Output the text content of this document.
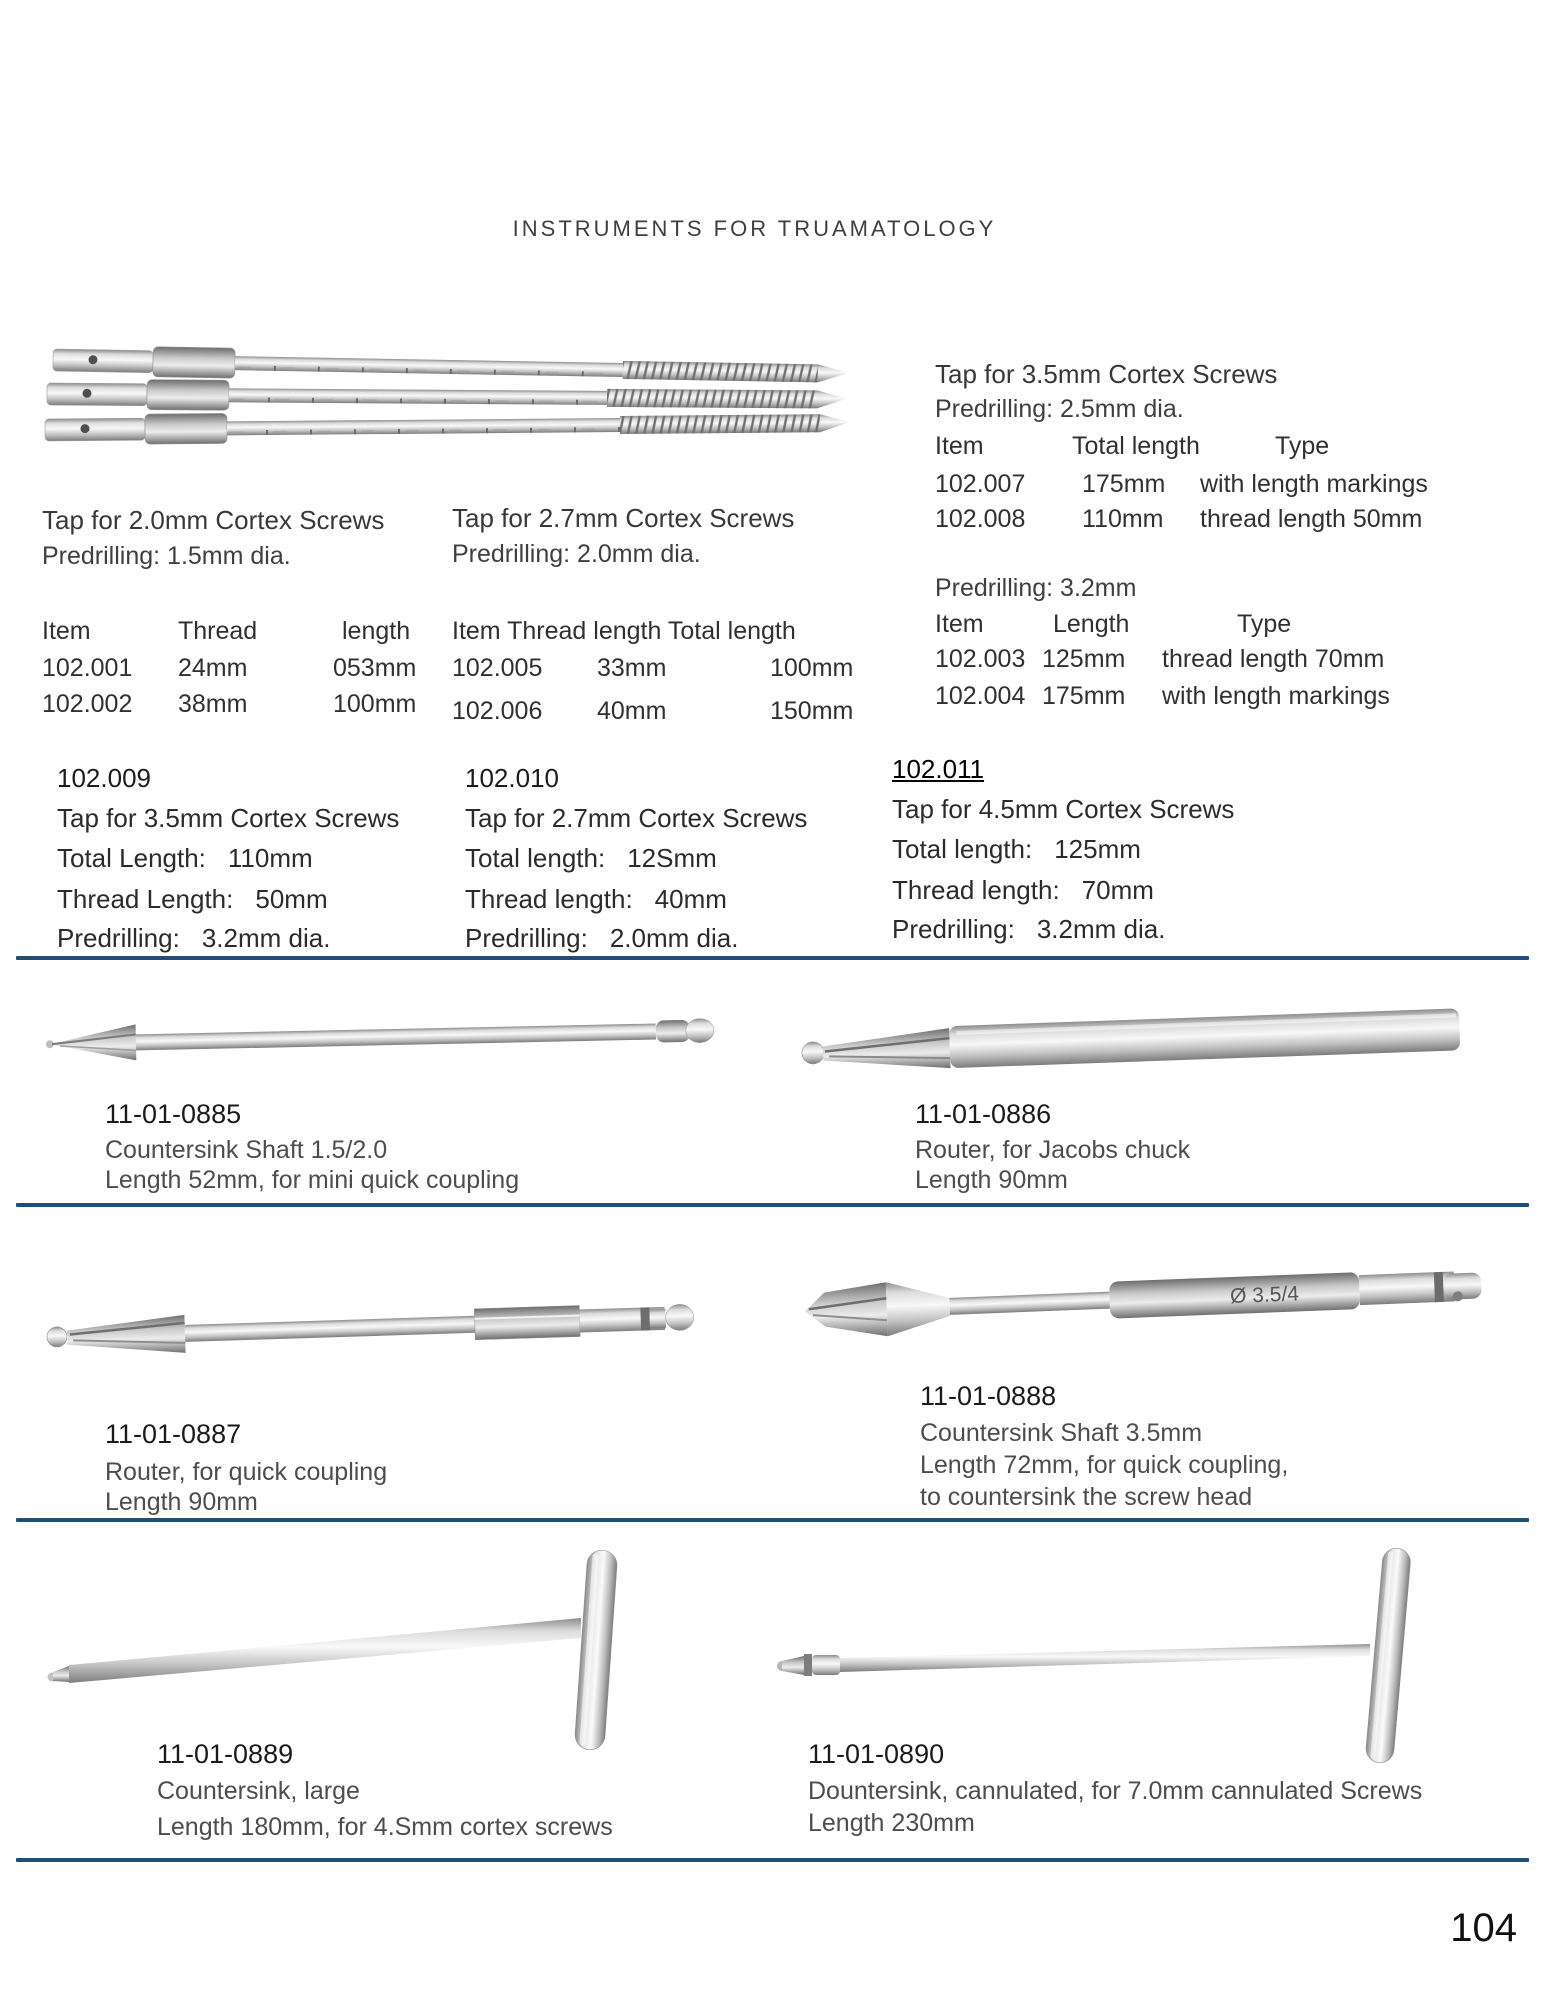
INSTRUMENTS FOR TRUAMATOLOGY
Tap for 2.0mm Cortex Screws
Predrilling: 1.5mm dia.
Item	Thread	length
102.001 24mm	053mm
102.002 38mm	100mm
Tap for 2.7mm Cortex Screws
Predrilling: 2.0mm dia.
Item Thread length Total length
102.005 33mm	100mm
102.006 40mm	150mm
Tap for 3.5mm Cortex Screws
Predrilling: 2.5mm dia.
Item	Total length	Type
102.007 175mm with length markings
102.008 110mm thread length 50mm
Predrilling: 3.2mm
Item	Length	Type
102.003 125mm thread length 70mm
102.004 175mm with length markings
102.009
Tap for 3.5mm Cortex Screws
Total Length: 110mm
Thread Length: 50mm
Predrilling: 3.2mm dia.
102.010
Tap for 2.7mm Cortex Screws
Total length: 12Smm
Thread length: 40mm
Predrilling: 2.0mm dia.
102.011
Tap for 4.5mm Cortex Screws
Total length: 125mm
Thread length: 70mm
Predrilling: 3.2mm dia.
11-01-0885
Countersink Shaft 1.5/2.0
Length 52mm, for mini quick coupling
11-01-0886
Router, for Jacobs chuck
Length 90mm
11-01-0887
Router, for quick coupling
Length 90mm
Ø 3.5/4
11-01-0888
Countersink Shaft 3.5mm
Length 72mm, for quick coupling,
to countersink the screw head
11-01-0889
Countersink, large
Length 180mm, for 4.Smm cortex screws
11-01-0890
Dountersink, cannulated, for 7.0mm cannulated Screws
Length 230mm
104
